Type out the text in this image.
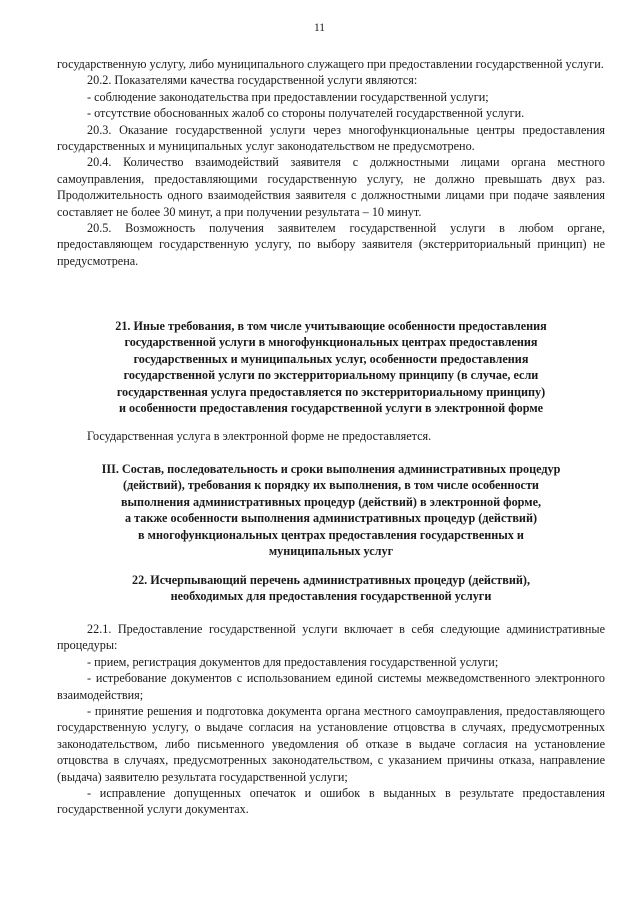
11

государственную услугу, либо муниципального служащего при предоставлении государственной услуги.

20.2. Показателями качества государственной услуги являются:

- соблюдение законодательства при предоставлении государственной услуги;

- отсутствие обоснованных жалоб со стороны получателей государственной услуги.

20.3. Оказание государственной услуги через многофункциональные центры предоставления государственных и муниципальных услуг законодательством не предусмотрено.

20.4. Количество взаимодействий заявителя с должностными лицами органа местного самоуправления, предоставляющими государственную услугу, не должно превышать двух раз. Продолжительность одного взаимодействия заявителя с должностными лицами при подаче заявления составляет не более 30 минут, а при получении результата – 10 минут.

20.5. Возможность получения заявителем государственной услуги в любом органе, предоставляющем государственную услугу, по выбору заявителя (экстерриториальный принцип) не предусмотрена.

21. Иные требования, в том числе учитывающие особенности предоставления
государственной услуги в многофункциональных центрах предоставления
государственных и муниципальных услуг, особенности предоставления
государственной услуги по экстерриториальному принципу (в случае, если
государственная услуга предоставляется по экстерриториальному принципу)
и особенности предоставления государственной услуги в электронной форме

Государственная услуга в электронной форме не предоставляется.

III. Состав, последовательность и сроки выполнения административных процедур
(действий), требования к порядку их выполнения, в том числе особенности
выполнения административных процедур (действий) в электронной форме,
а также особенности выполнения административных процедур (действий)
в многофункциональных центрах предоставления государственных и
муниципальных услуг
22. Исчерпывающий перечень административных процедур (действий),
необходимых для предоставления государственной услуги

22.1. Предоставление государственной услуги включает в себя следующие административные процедуры:

- прием, регистрация документов для предоставления государственной услуги;

- истребование документов с использованием единой системы межведомственного электронного взаимодействия;

- принятие решения и подготовка документа органа местного самоуправления, предоставляющего государственную услугу, о выдаче согласия на установление отцовства в случаях, предусмотренных законодательством, либо письменного уведомления об отказе в выдаче согласия на установление отцовства в случаях, предусмотренных законодательством, с указанием причины отказа, направление (выдача) заявителю результата государственной услуги;

- исправление допущенных опечаток и ошибок в выданных в результате предоставления государственной услуги документах.
